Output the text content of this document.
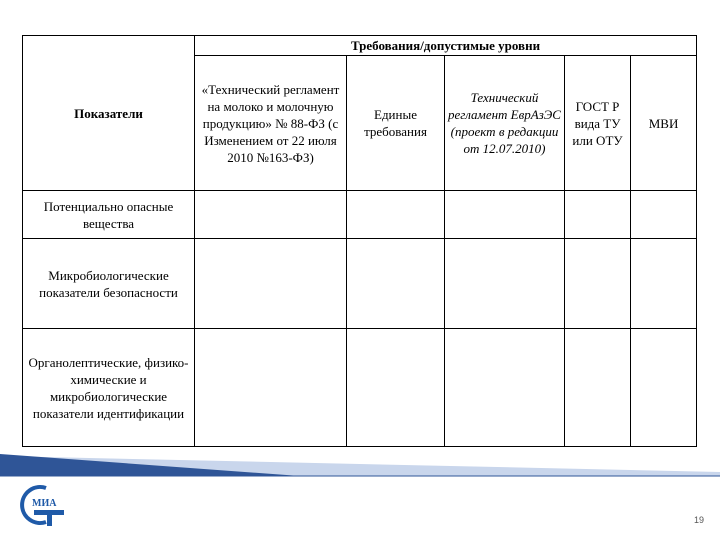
Показатели	Требования/допустимые уровни				
	«Технический регламент на молоко и молочную продукцию» № 88-ФЗ (с Изменением от 22 июля 2010 №163-ФЗ)	Единые требования	Технический регламент ЕврАзЭС (проект в редакции от 12.07.2010)	ГОСТ Р вида ТУ или ОТУ	МВИ
Потенциально опасные вещества					
Микробиологические показатели безопасности					
Органолептические, физико-химические и микробиологические показатели идентификации					
МИА
19
